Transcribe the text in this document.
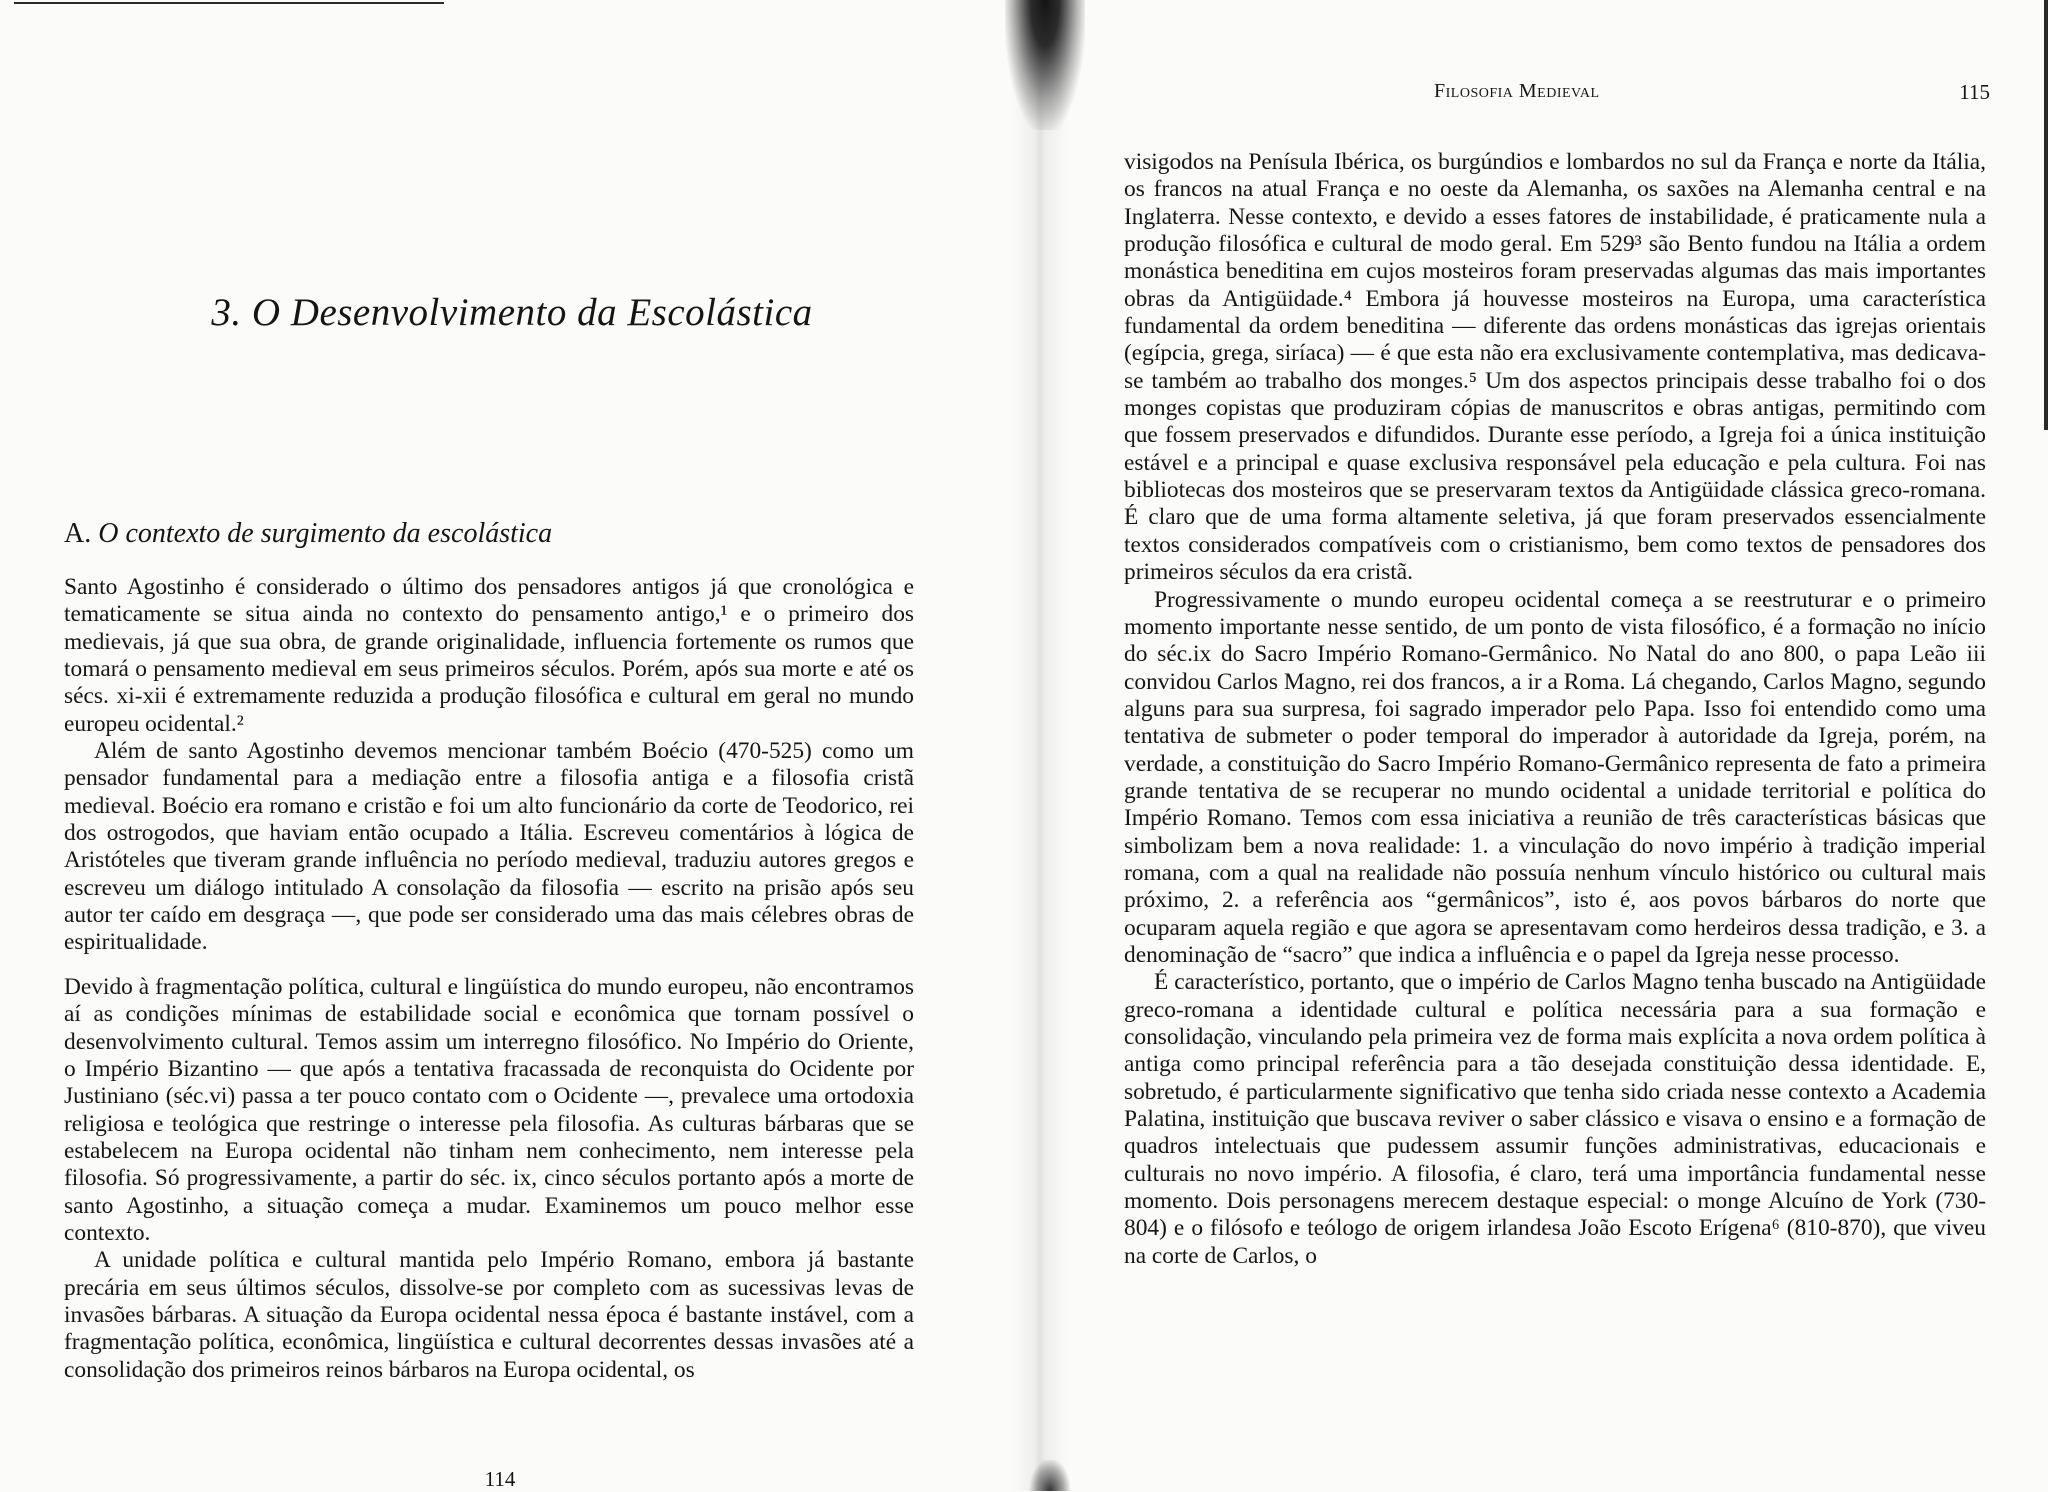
3. O Desenvolvimento da Escolástica
A. O contexto de surgimento da escolástica

Santo Agostinho é considerado o último dos pensadores antigos já que cronológica e tematicamente se situa ainda no contexto do pensamento antigo,¹ e o primeiro dos medievais, já que sua obra, de grande originalidade, influencia fortemente os rumos que tomará o pensamento medieval em seus primeiros séculos. Porém, após sua morte e até os sécs. xi-xii é extremamente reduzida a produção filosófica e cultural em geral no mundo europeu ocidental.²

Além de santo Agostinho devemos mencionar também Boécio (470-525) como um pensador fundamental para a mediação entre a filosofia antiga e a filosofia cristã medieval. Boécio era romano e cristão e foi um alto funcionário da corte de Teodorico, rei dos ostrogodos, que haviam então ocupado a Itália. Escreveu comentários à lógica de Aristóteles que tiveram grande influência no período medieval, traduziu autores gregos e escreveu um diálogo intitulado A consolação da filosofia — escrito na prisão após seu autor ter caído em desgraça —, que pode ser considerado uma das mais célebres obras de espiritualidade.

Devido à fragmentação política, cultural e lingüística do mundo europeu, não encontramos aí as condições mínimas de estabilidade social e econômica que tornam possível o desenvolvimento cultural. Temos assim um interregno filosófico. No Império do Oriente, o Império Bizantino — que após a tentativa fracassada de reconquista do Ocidente por Justiniano (séc.vi) passa a ter pouco contato com o Ocidente —, prevalece uma ortodoxia religiosa e teológica que restringe o interesse pela filosofia. As culturas bárbaras que se estabelecem na Europa ocidental não tinham nem conhecimento, nem interesse pela filosofia. Só progressivamente, a partir do séc. ix, cinco séculos portanto após a morte de santo Agostinho, a situação começa a mudar. Examinemos um pouco melhor esse contexto.

A unidade política e cultural mantida pelo Império Romano, embora já bastante precária em seus últimos séculos, dissolve-se por completo com as sucessivas levas de invasões bárbaras. A situação da Europa ocidental nessa época é bastante instável, com a fragmentação política, econômica, lingüística e cultural decorrentes dessas invasões até a consolidação dos primeiros reinos bárbaros na Europa ocidental, os

114
Filosofia Medieval	115

visigodos na Penísula Ibérica, os burgúndios e lombardos no sul da França e norte da Itália, os francos na atual França e no oeste da Alemanha, os saxões na Alemanha central e na Inglaterra. Nesse contexto, e devido a esses fatores de instabilidade, é praticamente nula a produção filosófica e cultural de modo geral. Em 529³ são Bento fundou na Itália a ordem monástica beneditina em cujos mosteiros foram preservadas algumas das mais importantes obras da Antigüidade.⁴ Embora já houvesse mosteiros na Europa, uma característica fundamental da ordem beneditina — diferente das ordens monásticas das igrejas orientais (egípcia, grega, siríaca) — é que esta não era exclusivamente contemplativa, mas dedicava-se também ao trabalho dos monges.⁵ Um dos aspectos principais desse trabalho foi o dos monges copistas que produziram cópias de manuscritos e obras antigas, permitindo com que fossem preservados e difundidos. Durante esse período, a Igreja foi a única instituição estável e a principal e quase exclusiva responsável pela educação e pela cultura. Foi nas bibliotecas dos mosteiros que se preservaram textos da Antigüidade clássica greco-romana. É claro que de uma forma altamente seletiva, já que foram preservados essencialmente textos considerados compatíveis com o cristianismo, bem como textos de pensadores dos primeiros séculos da era cristã.

Progressivamente o mundo europeu ocidental começa a se reestruturar e o primeiro momento importante nesse sentido, de um ponto de vista filosófico, é a formação no início do séc.ix do Sacro Império Romano-Germânico. No Natal do ano 800, o papa Leão iii convidou Carlos Magno, rei dos francos, a ir a Roma. Lá chegando, Carlos Magno, segundo alguns para sua surpresa, foi sagrado imperador pelo Papa. Isso foi entendido como uma tentativa de submeter o poder temporal do imperador à autoridade da Igreja, porém, na verdade, a constituição do Sacro Império Romano-Germânico representa de fato a primeira grande tentativa de se recuperar no mundo ocidental a unidade territorial e política do Império Romano. Temos com essa iniciativa a reunião de três características básicas que simbolizam bem a nova realidade: 1. a vinculação do novo império à tradição imperial romana, com a qual na realidade não possuía nenhum vínculo histórico ou cultural mais próximo, 2. a referência aos “germânicos”, isto é, aos povos bárbaros do norte que ocuparam aquela região e que agora se apresentavam como herdeiros dessa tradição, e 3. a denominação de “sacro” que indica a influência e o papel da Igreja nesse processo.

É característico, portanto, que o império de Carlos Magno tenha buscado na Antigüidade greco-romana a identidade cultural e política necessária para a sua formação e consolidação, vinculando pela primeira vez de forma mais explícita a nova ordem política à antiga como principal referência para a tão desejada constituição dessa identidade. E, sobretudo, é particularmente significativo que tenha sido criada nesse contexto a Academia Palatina, instituição que buscava reviver o saber clássico e visava o ensino e a formação de quadros intelectuais que pudessem assumir funções administrativas, educacionais e culturais no novo império. A filosofia, é claro, terá uma importância fundamental nesse momento. Dois personagens merecem destaque especial: o monge Alcuíno de York (730-804) e o filósofo e teólogo de origem irlandesa João Escoto Erígena⁶ (810-870), que viveu na corte de Carlos, o
